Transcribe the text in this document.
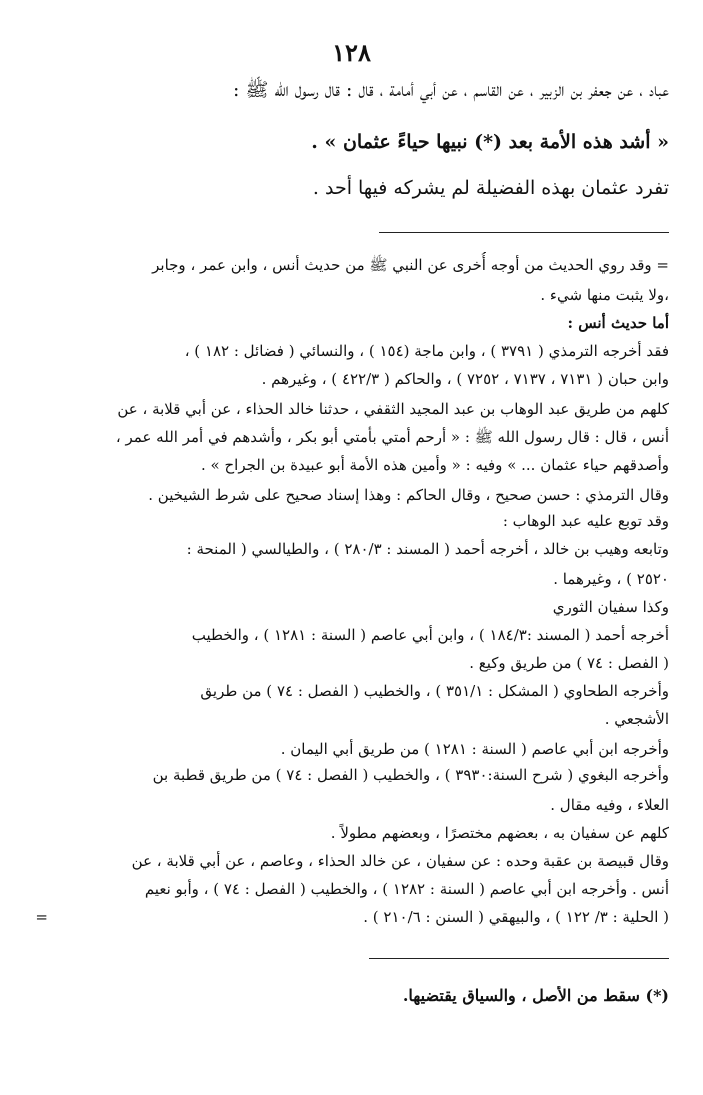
١٢٨
عباد ، عن جعفر بن الزبير ، عن القاسم ، عن أبي أمامة ، قال : قال رسول الله ﷺ :
« أشد هذه الأمة بعد (*) نبيها حياءً عثمان » .
تفرد عثمان بهذه الفضيلة لم يشركه فيها أحد .
= وقد روي الحديث من أوجه أُخرى عن النبي ﷺ من حديث أنس ، وابن عمر ، وجابر
،ولا يثبت منها شيء .
أما حديث أنس :
فقد أخرجه الترمذي ( ٣٧٩١ ) ، وابن ماجة (١٥٤ ) ، والنسائي ( فضائل : ١٨٢ ) ،
وابن حبان ( ٧١٣١ ، ٧١٣٧ ، ٧٢٥٢ ) ، والحاكم ( ٤٢٢/٣ ) ، وغيرهم .
كلهم من طريق عبد الوهاب بن عبد المجيد الثقفي ، حدثنا خالد الحذاء ، عن أبي قلابة ، عن
أنس ، قال : قال رسول الله ﷺ : « أرحم أمتي بأمتي أبو بكر ، وأشدهم في أمر الله عمر ،
وأصدقهم حياء عثمان ... » وفيه : « وأمين هذه الأمة أبو عبيدة بن الجراح » .
وقال الترمذي : حسن صحيح ، وقال الحاكم : وهذا إسناد صحيح على شرط الشيخين .
وقد توبع عليه عبد الوهاب :
وتابعه وهيب بن خالد ، أخرجه أحمد ( المسند : ٢٨٠/٣ ) ، والطيالسي ( المنحة :
٢٥٢٠ ) ، وغيرهما .
وكذا سفيان الثوري
أخرجه أحمد ( المسند :١٨٤/٣ ) ، وابن أبي عاصم ( السنة : ١٢٨١ ) ، والخطيب
( الفصل : ٧٤ ) من طريق وكيع .
وأخرجه الطحاوي ( المشكل : ٣٥١/١ ) ، والخطيب ( الفصل : ٧٤ ) من طريق
الأشجعي .
وأخرجه ابن أبي عاصم ( السنة : ١٢٨١ ) من طريق أبي اليمان .
وأخرجه البغوي ( شرح السنة:٣٩٣٠ ) ، والخطيب ( الفصل : ٧٤ ) من طريق قطبة بن
العلاء ، وفيه مقال .
كلهم عن سفيان به ، بعضهم مختصرًا ، وبعضهم مطولاً .
وقال قبيصة بن عقبة وحده : عن سفيان ، عن خالد الحذاء ، وعاصم ، عن أبي قلابة ، عن
أنس . وأخرجه ابن أبي عاصم ( السنة : ١٢٨٢ ) ، والخطيب ( الفصل : ٧٤ ) ، وأبو نعيم
( الحلية : ٣/ ١٢٢ ) ، والبيهقي ( السنن : ٢١٠/٦ ) .
=
(*) سقط من الأصل ، والسياق يقتضيها.
